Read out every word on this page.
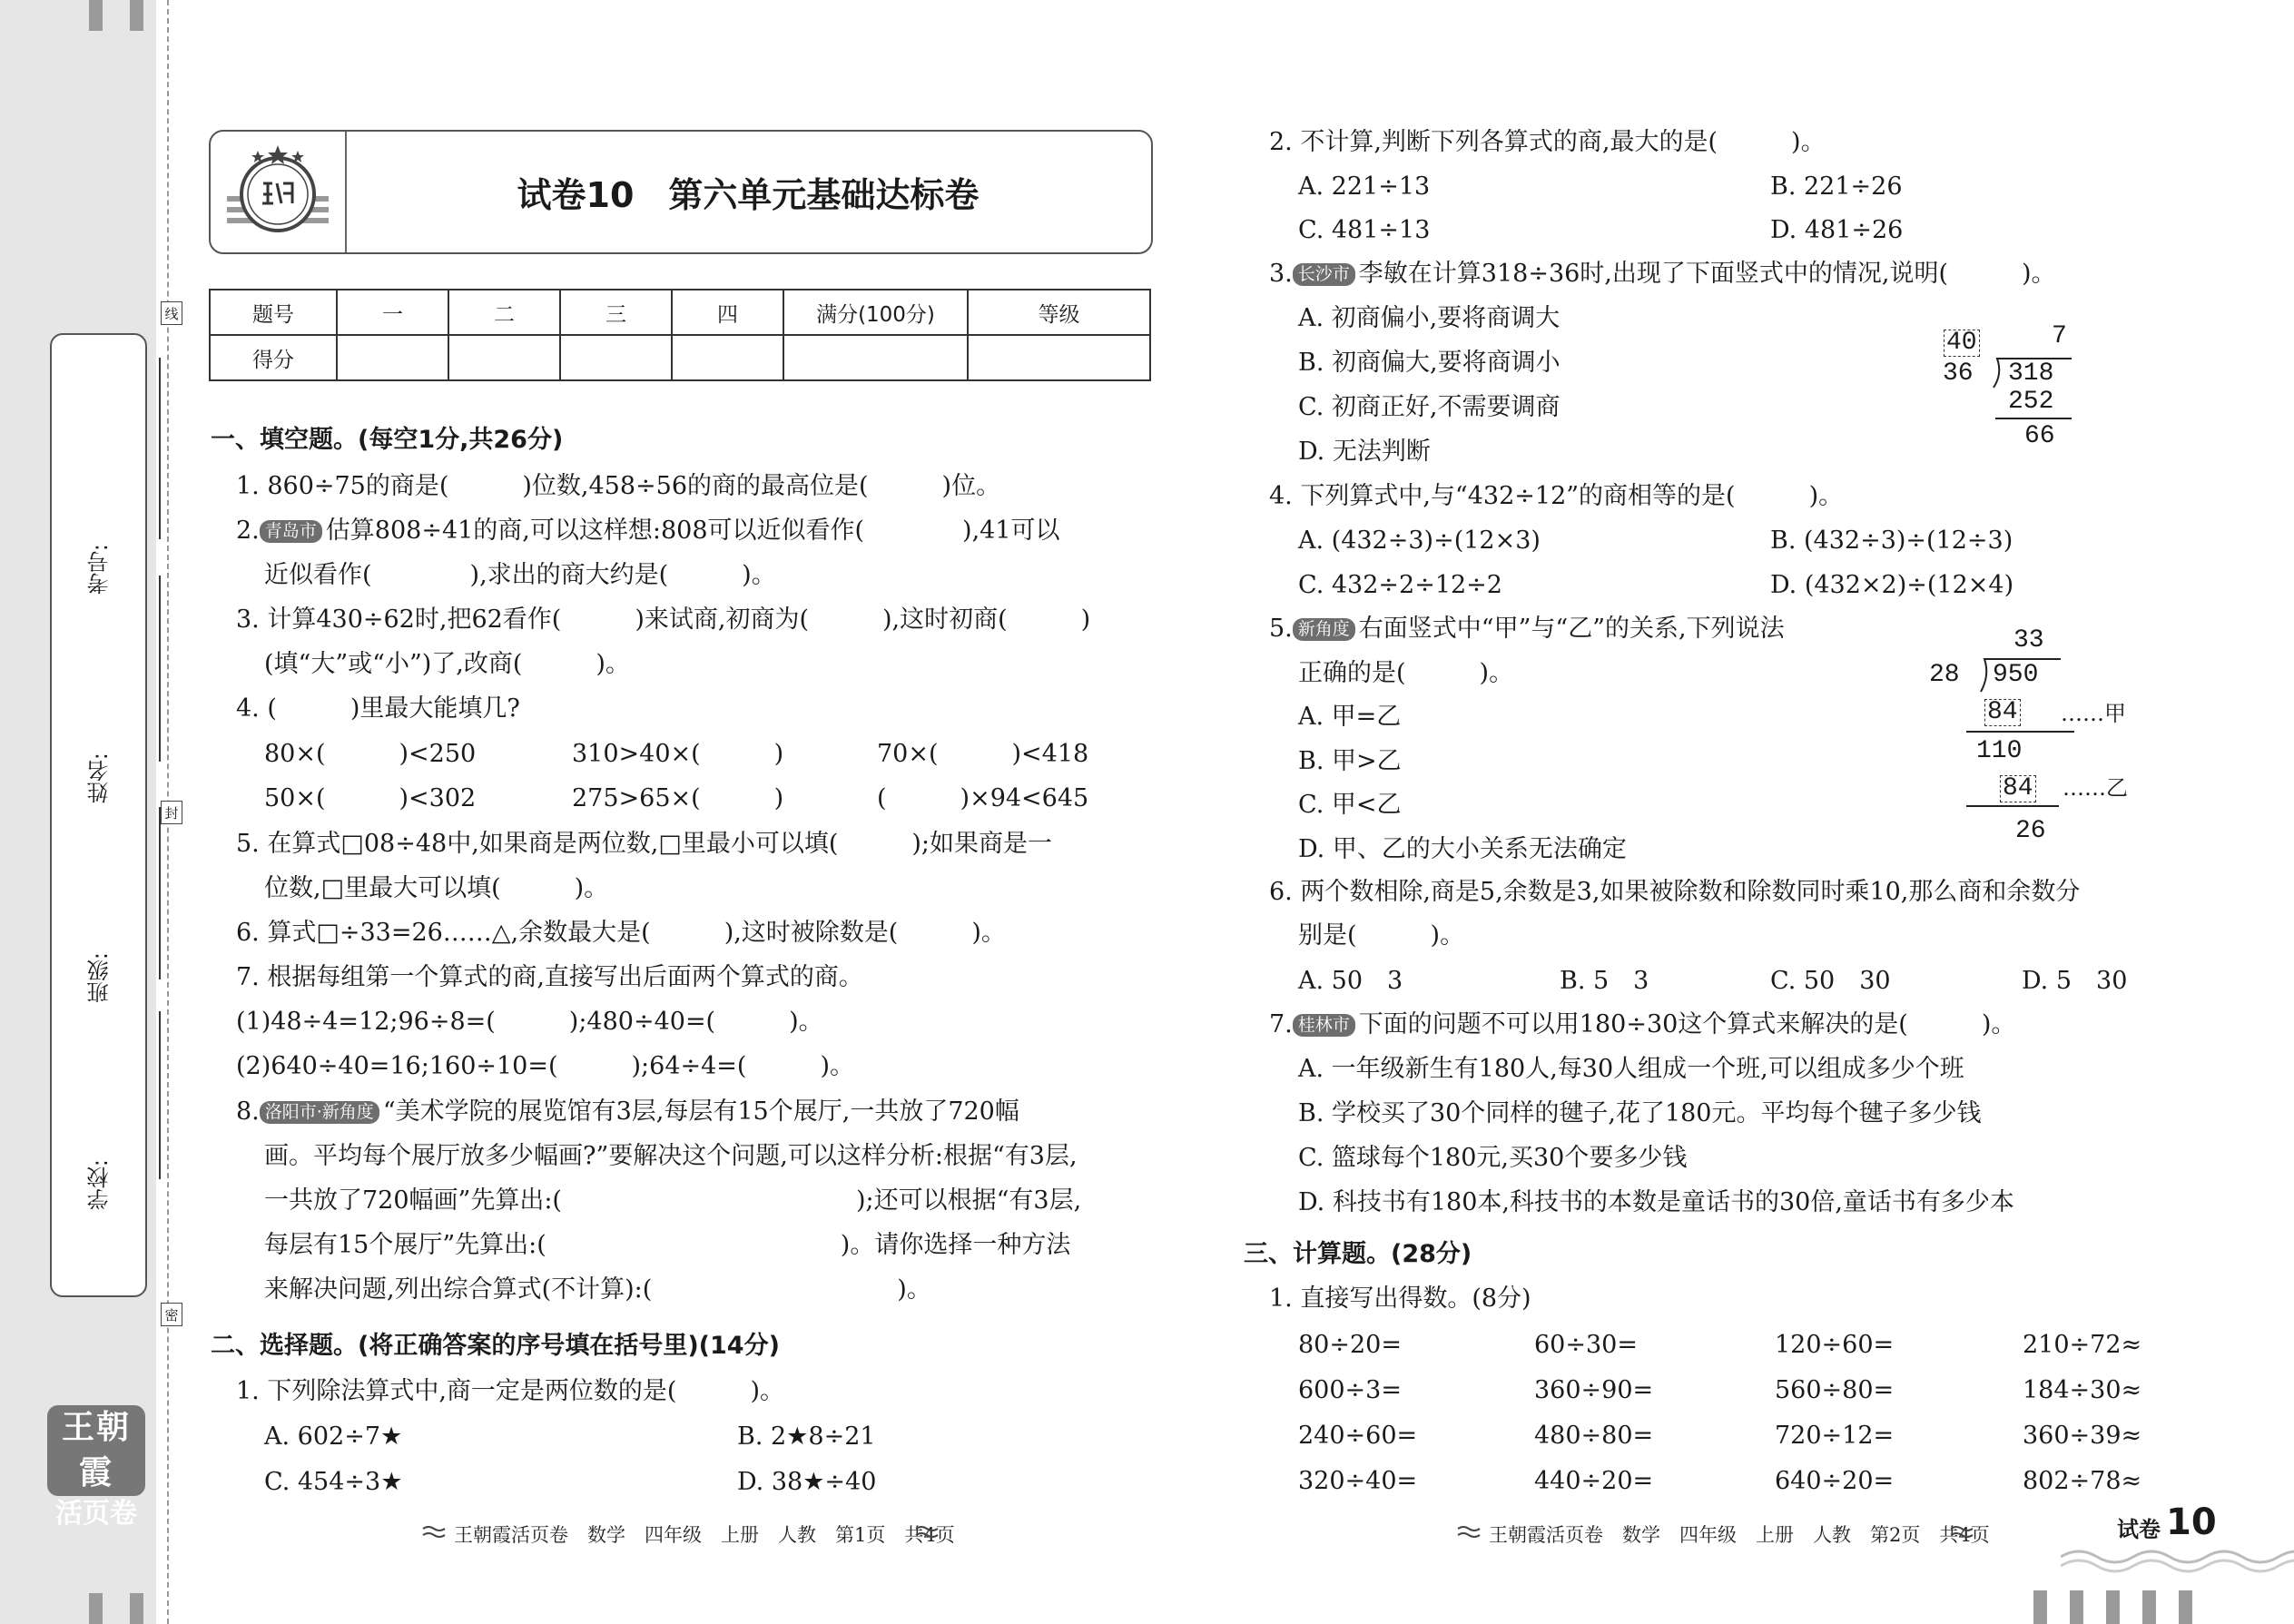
学校:
班级:
姓名:
考号:
线
封
密
王朝霞
活页卷
试卷10　第六单元基础达标卷
题号	一	二	三	四	满分(100分)	等级
得分						
一、填空题。(每空1分,共26分)
1. 860÷75的商是(　　　)位数,458÷56的商的最高位是(　　　)位。
2. 青岛市 估算808÷41的商,可以这样想:808可以近似看作(　　　　),41可以
近似看作(　　　　),求出的商大约是(　　　)。
3. 计算430÷62时,把62看作(　　　)来试商,初商为(　　　),这时初商(　　　)
(填“大”或“小”)了,改商(　　　)。
4. (　　　)里最大能填几?
80×(　　　)<250	310>40×(　　　)	70×(　　　)<418
50×(　　　)<302	275>65×(　　　)	(　　　)×94<645
5. 在算式□08÷48中,如果商是两位数,□里最小可以填(　　　);如果商是一
位数,□里最大可以填(　　　)。
6. 算式□÷33=26……△,余数最大是(　　　),这时被除数是(　　　)。
7. 根据每组第一个算式的商,直接写出后面两个算式的商。
(1)48÷4=12;96÷8=(　　　);480÷40=(　　　)。
(2)640÷40=16;160÷10=(　　　);64÷4=(　　　)。
8. 洛阳市·新角度 “美术学院的展览馆有3层,每层有15个展厅,一共放了720幅
画。平均每个展厅放多少幅画?”要解决这个问题,可以这样分析:根据“有3层,
一共放了720幅画”先算出:(　　　　　　　　　　　　);还可以根据“有3层,
每层有15个展厅”先算出:(　　　　　　　　　　　　)。请你选择一种方法
来解决问题,列出综合算式(不计算):(　　　　　　　　　　)。
二、选择题。(将正确答案的序号填在括号里)(14分)
1. 下列除法算式中,商一定是两位数的是(　　　)。
A. 602÷7★	B. 2★8÷21
C. 454÷3★	D. 38★÷40
王朝霞活页卷　数学　四年级　上册　人教　第1页　共4页
2. 不计算,判断下列各算式的商,最大的是(　　　)。
A. 221÷13	B. 221÷26
C. 481÷13	D. 481÷26
3. 长沙市 李敏在计算318÷36时,出现了下面竖式中的情况,说明(　　　)。
A. 初商偏小,要将商调大
B. 初商偏大,要将商调小
C. 初商正好,不需要调商
D. 无法判断
40	7
36 318
252
66
4. 下列算式中,与“432÷12”的商相等的是(　　　)。
A. (432÷3)÷(12×3)	B. (432÷3)÷(12÷3)
C. 432÷2÷12÷2	D. (432×2)÷(12×4)
5. 新角度 右面竖式中“甲”与“乙”的关系,下列说法
正确的是(　　　)。
A. 甲=乙
B. 甲>乙
C. 甲<乙
D. 甲、乙的大小关系无法确定
33
28 950
84 ……甲
110
84 ……乙
26
6. 两个数相除,商是5,余数是3,如果被除数和除数同时乘10,那么商和余数分
别是(　　　)。
A. 50　3	B. 5　3	C. 50　30	D. 5　30
7. 桂林市 下面的问题不可以用180÷30这个算式来解决的是(　　　)。
A. 一年级新生有180人,每30人组成一个班,可以组成多少个班
B. 学校买了30个同样的毽子,花了180元。平均每个毽子多少钱
C. 篮球每个180元,买30个要多少钱
D. 科技书有180本,科技书的本数是童话书的30倍,童话书有多少本
三、计算题。(28分)
1. 直接写出得数。(8分)
80÷20=	60÷30=	120÷60=	210÷72≈
600÷3=	360÷90=	560÷80=	184÷30≈
240÷60=	480÷80=	720÷12=	360÷39≈
320÷40=	440÷20=	640÷20=	802÷78≈
王朝霞活页卷　数学　四年级　上册　人教　第2页　共4页	试卷 10
